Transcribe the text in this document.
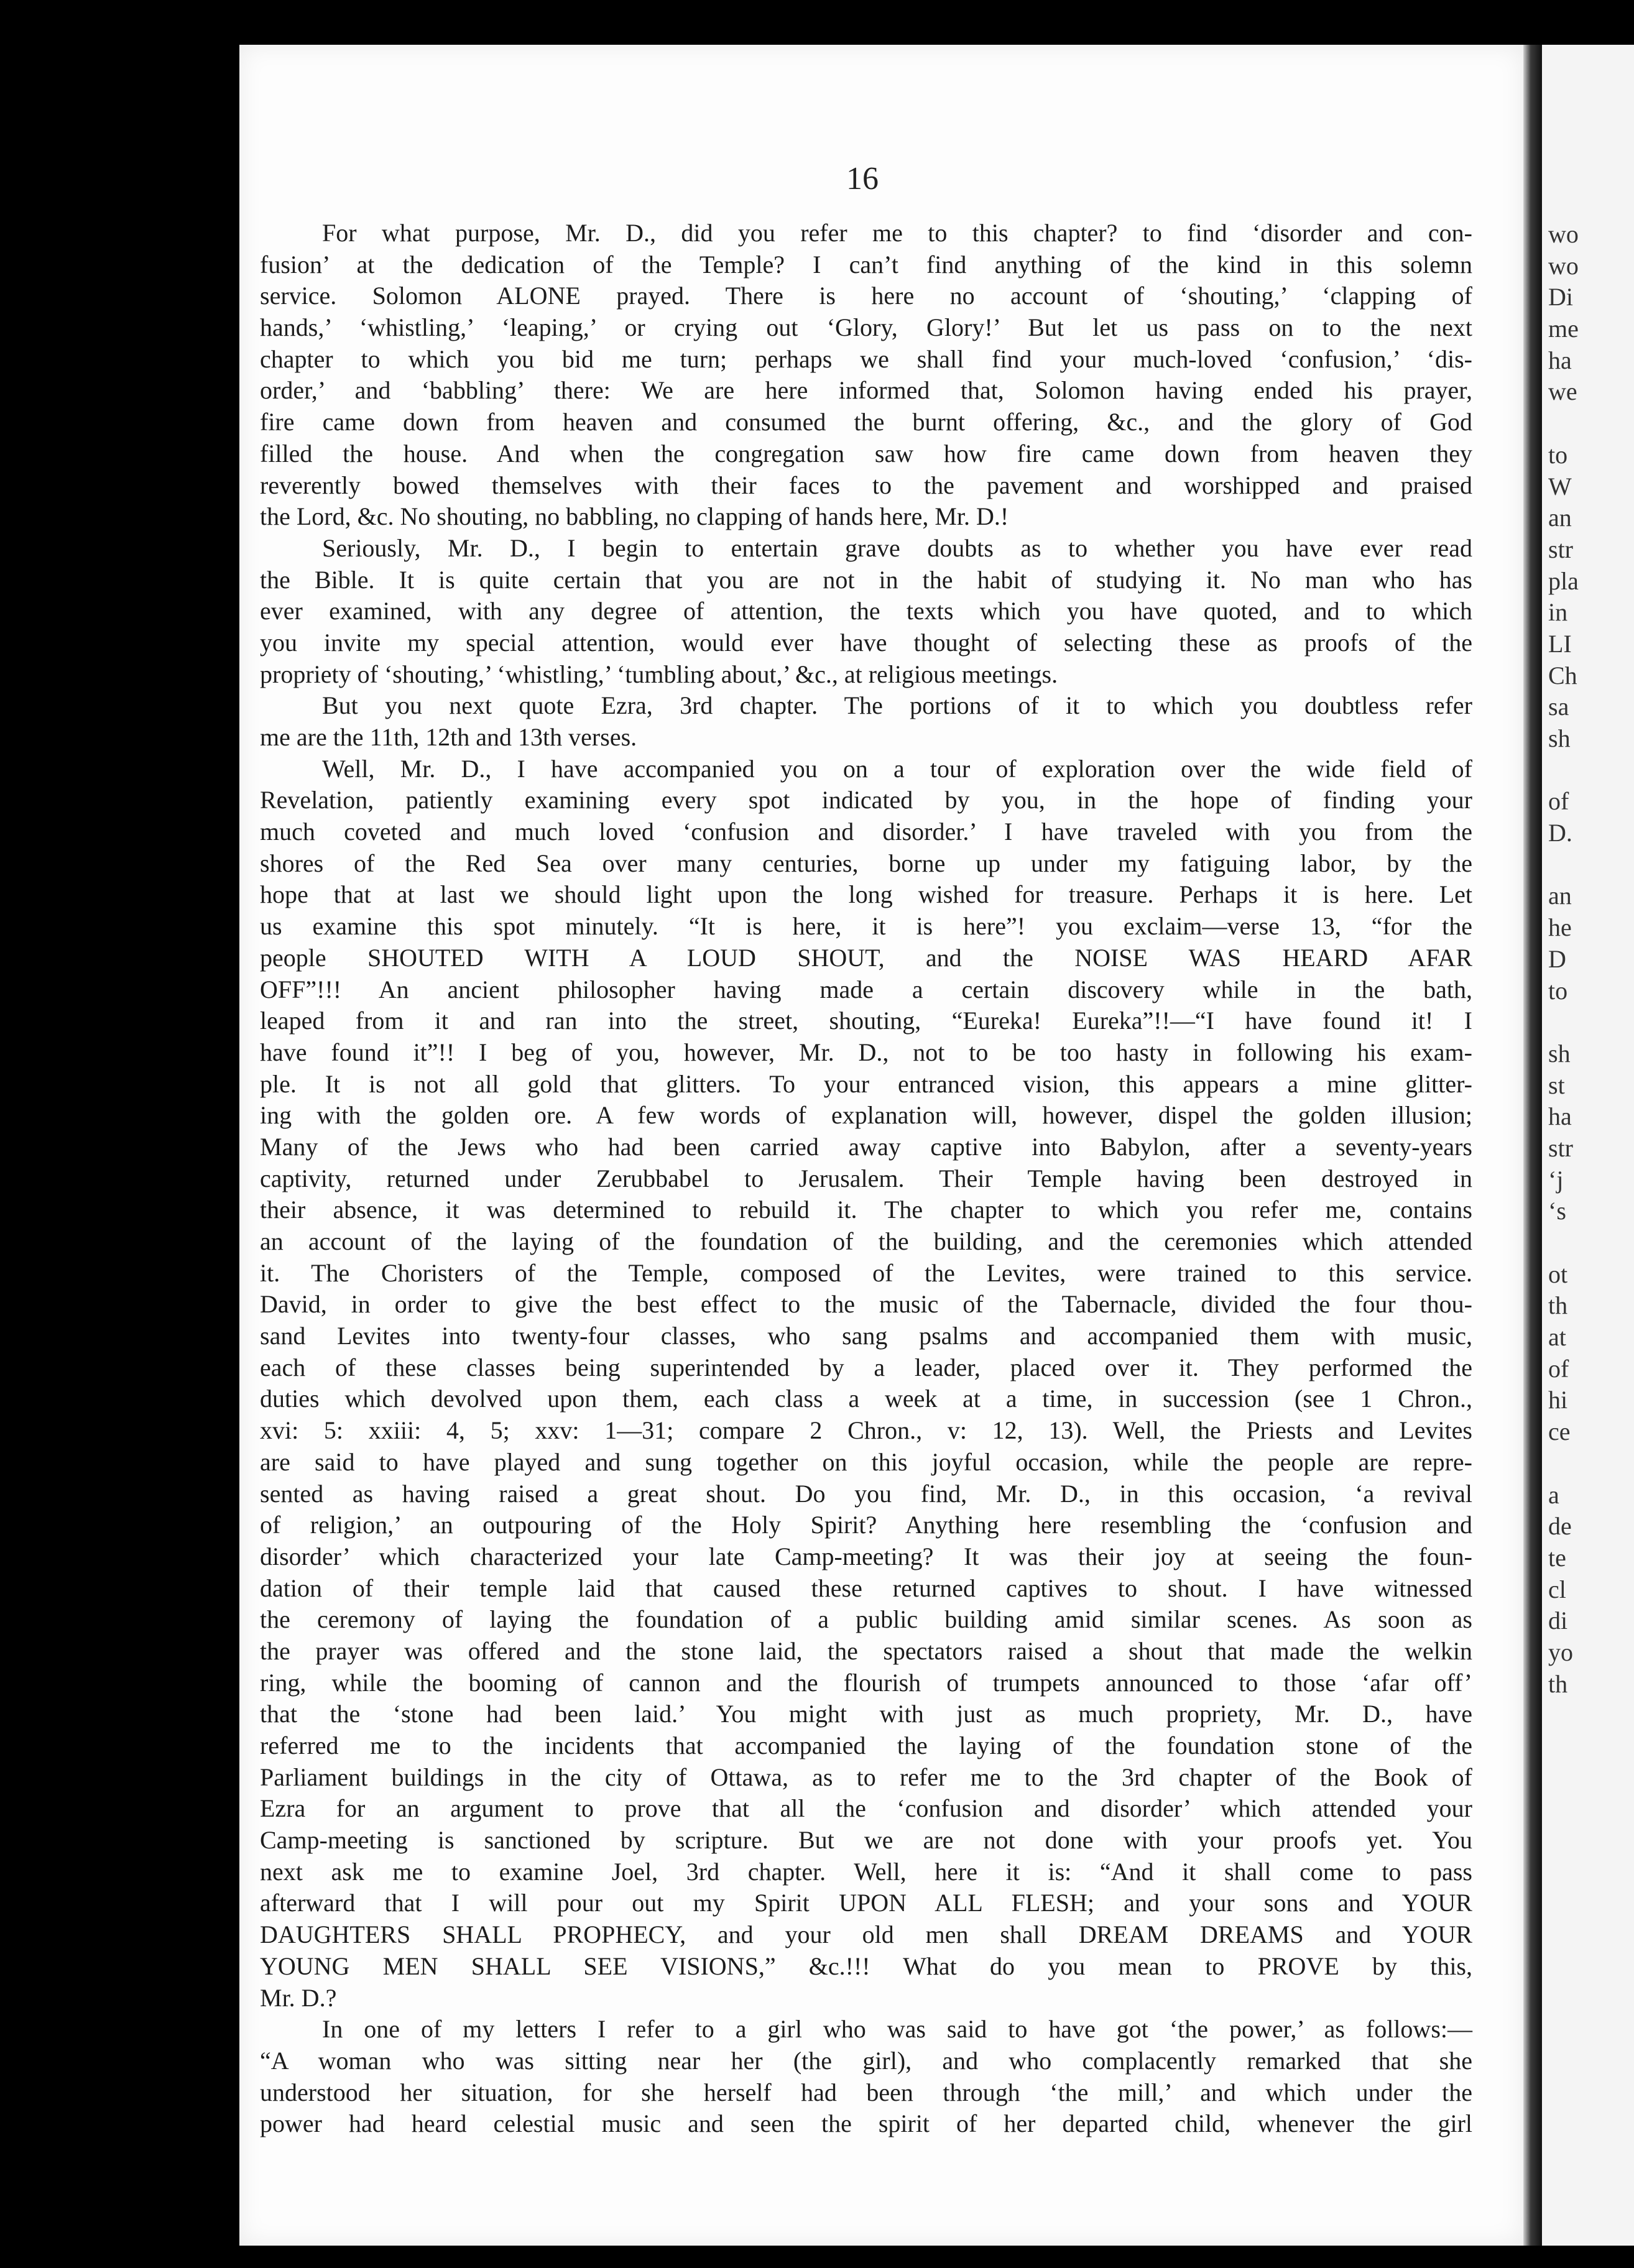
wo
wo
Di
me
ha
we
to
W
an
str
pla
in
LI
Ch
sa
sh
of
D.
an
he
D
to
sh
st
ha
str
‘j
‘s
ot
th
at
of
hi
ce
a
de
te
cl
di
yo
th
16
For what purpose, Mr. D., did you refer me to this chapter? to find ‘disorder and con-
fusion’ at the dedication of the Temple? I can’t find anything of the kind in this solemn
service. Solomon ALONE prayed. There is here no account of ‘shouting,’ ‘clapping of
hands,’ ‘whistling,’ ‘leaping,’ or crying out ‘Glory, Glory!’ But let us pass on to the next
chapter to which you bid me turn; perhaps we shall find your much-loved ‘confusion,’ ‘dis-
order,’ and ‘babbling’ there: We are here informed that, Solomon having ended his prayer,
fire came down from heaven and consumed the burnt offering, &c., and the glory of God
filled the house. And when the congregation saw how fire came down from heaven they
reverently bowed themselves with their faces to the pavement and worshipped and praised
the Lord, &c. No shouting, no babbling, no clapping of hands here, Mr. D.!
Seriously, Mr. D., I begin to entertain grave doubts as to whether you have ever read
the Bible. It is quite certain that you are not in the habit of studying it. No man who has
ever examined, with any degree of attention, the texts which you have quoted, and to which
you invite my special attention, would ever have thought of selecting these as proofs of the
propriety of ‘shouting,’ ‘whistling,’ ‘tumbling about,’ &c., at religious meetings.
But you next quote Ezra, 3rd chapter. The portions of it to which you doubtless refer
me are the 11th, 12th and 13th verses.
Well, Mr. D., I have accompanied you on a tour of exploration over the wide field of
Revelation, patiently examining every spot indicated by you, in the hope of finding your
much coveted and much loved ‘confusion and disorder.’ I have traveled with you from the
shores of the Red Sea over many centuries, borne up under my fatiguing labor, by the
hope that at last we should light upon the long wished for treasure. Perhaps it is here. Let
us examine this spot minutely. “It is here, it is here”! you exclaim—verse 13, “for the
people SHOUTED WITH A LOUD SHOUT, and the NOISE WAS HEARD AFAR
OFF”!!! An ancient philosopher having made a certain discovery while in the bath,
leaped from it and ran into the street, shouting, “Eureka! Eureka”!!—“I have found it! I
have found it”!! I beg of you, however, Mr. D., not to be too hasty in following his exam-
ple. It is not all gold that glitters. To your entranced vision, this appears a mine glitter-
ing with the golden ore. A few words of explanation will, however, dispel the golden illusion;
Many of the Jews who had been carried away captive into Babylon, after a seventy-years
captivity, returned under Zerubbabel to Jerusalem. Their Temple having been destroyed in
their absence, it was determined to rebuild it. The chapter to which you refer me, contains
an account of the laying of the foundation of the building, and the ceremonies which attended
it. The Choristers of the Temple, composed of the Levites, were trained to this service.
David, in order to give the best effect to the music of the Tabernacle, divided the four thou-
sand Levites into twenty-four classes, who sang psalms and accompanied them with music,
each of these classes being superintended by a leader, placed over it. They performed the
duties which devolved upon them, each class a week at a time, in succession (see 1 Chron.,
xvi: 5: xxiii: 4, 5; xxv: 1—31; compare 2 Chron., v: 12, 13). Well, the Priests and Levites
are said to have played and sung together on this joyful occasion, while the people are repre-
sented as having raised a great shout. Do you find, Mr. D., in this occasion, ‘a revival
of religion,’ an outpouring of the Holy Spirit? Anything here resembling the ‘confusion and
disorder’ which characterized your late Camp-meeting? It was their joy at seeing the foun-
dation of their temple laid that caused these returned captives to shout. I have witnessed
the ceremony of laying the foundation of a public building amid similar scenes. As soon as
the prayer was offered and the stone laid, the spectators raised a shout that made the welkin
ring, while the booming of cannon and the flourish of trumpets announced to those ‘afar off’
that the ‘stone had been laid.’ You might with just as much propriety, Mr. D., have
referred me to the incidents that accompanied the laying of the foundation stone of the
Parliament buildings in the city of Ottawa, as to refer me to the 3rd chapter of the Book of
Ezra for an argument to prove that all the ‘confusion and disorder’ which attended your
Camp-meeting is sanctioned by scripture. But we are not done with your proofs yet. You
next ask me to examine Joel, 3rd chapter. Well, here it is: “And it shall come to pass
afterward that I will pour out my Spirit UPON ALL FLESH; and your sons and YOUR
DAUGHTERS SHALL PROPHECY, and your old men shall DREAM DREAMS and YOUR
YOUNG MEN SHALL SEE VISIONS,” &c.!!! What do you mean to PROVE by this,
Mr. D.?
In one of my letters I refer to a girl who was said to have got ‘the power,’ as follows:—
“A woman who was sitting near her (the girl), and who complacently remarked that she
understood her situation, for she herself had been through ‘the mill,’ and which under the
power had heard celestial music and seen the spirit of her departed child, whenever the girl
